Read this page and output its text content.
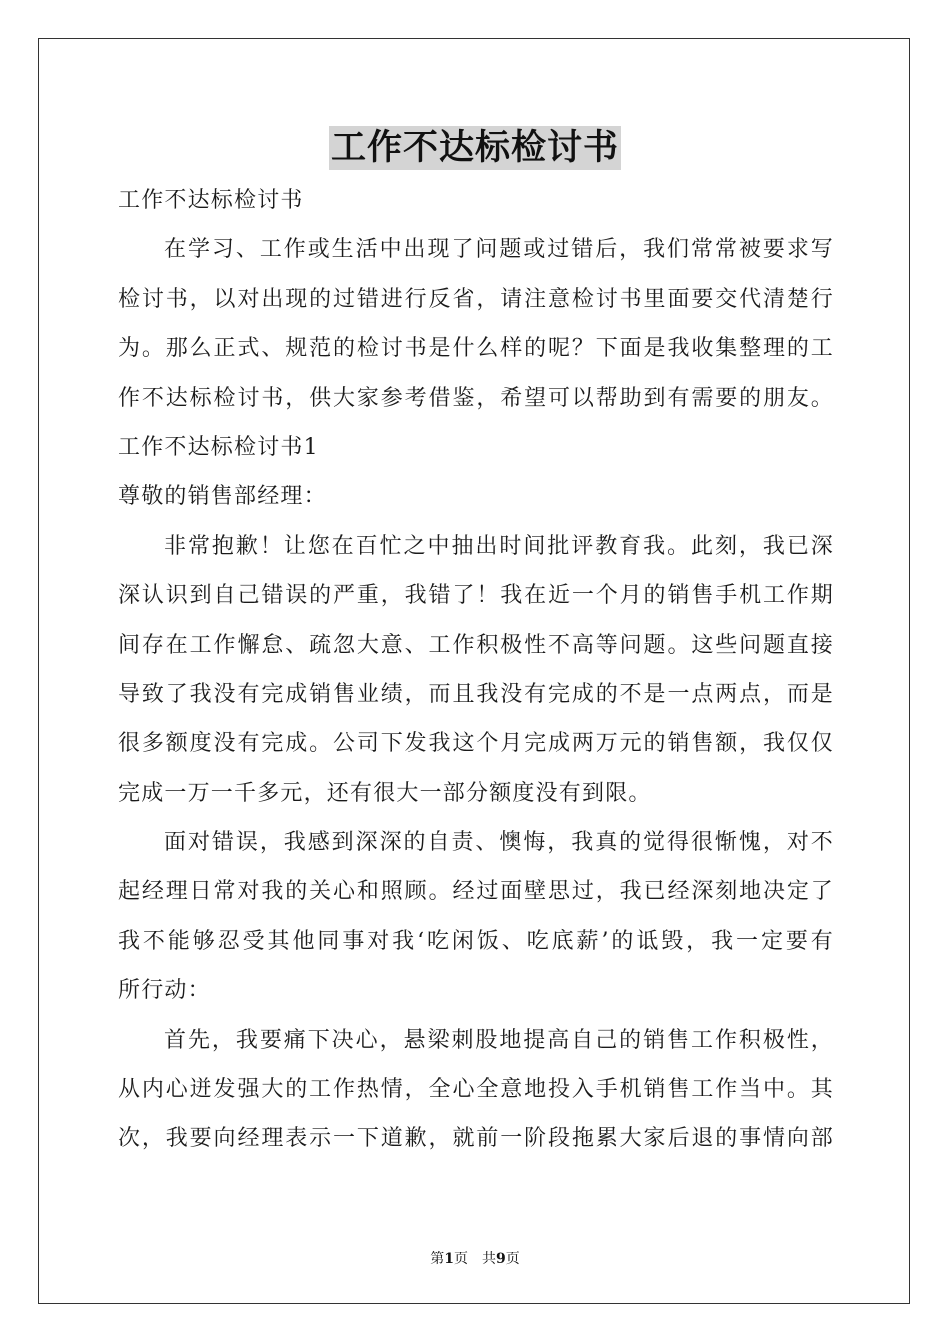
工作不达标检讨书
工作不达标检讨书
在学习、工作或生活中出现了问题或过错后，我们常常被要求写
检讨书，以对出现的过错进行反省，请注意检讨书里面要交代清楚行
为。那么正式、规范的检讨书是什么样的呢？下面是我收集整理的工
作不达标检讨书，供大家参考借鉴，希望可以帮助到有需要的朋友。
工作不达标检讨书1
尊敬的销售部经理：
非常抱歉！让您在百忙之中抽出时间批评教育我。此刻，我已深
深认识到自己错误的严重，我错了！我在近一个月的销售手机工作期
间存在工作懈怠、疏忽大意、工作积极性不高等问题。这些问题直接
导致了我没有完成销售业绩，而且我没有完成的不是一点两点，而是
很多额度没有完成。公司下发我这个月完成两万元的销售额，我仅仅
完成一万一千多元，还有很大一部分额度没有到限。
面对错误，我感到深深的自责、懊悔，我真的觉得很惭愧，对不
起经理日常对我的关心和照顾。经过面壁思过，我已经深刻地决定了
我不能够忍受其他同事对我‘吃闲饭、吃底薪’的诋毁，我一定要有
所行动：
首先，我要痛下决心，悬梁刺股地提高自己的销售工作积极性，
从内心迸发强大的工作热情，全心全意地投入手机销售工作当中。其
次，我要向经理表示一下道歉，就前一阶段拖累大家后退的事情向部
第1页　共9页
